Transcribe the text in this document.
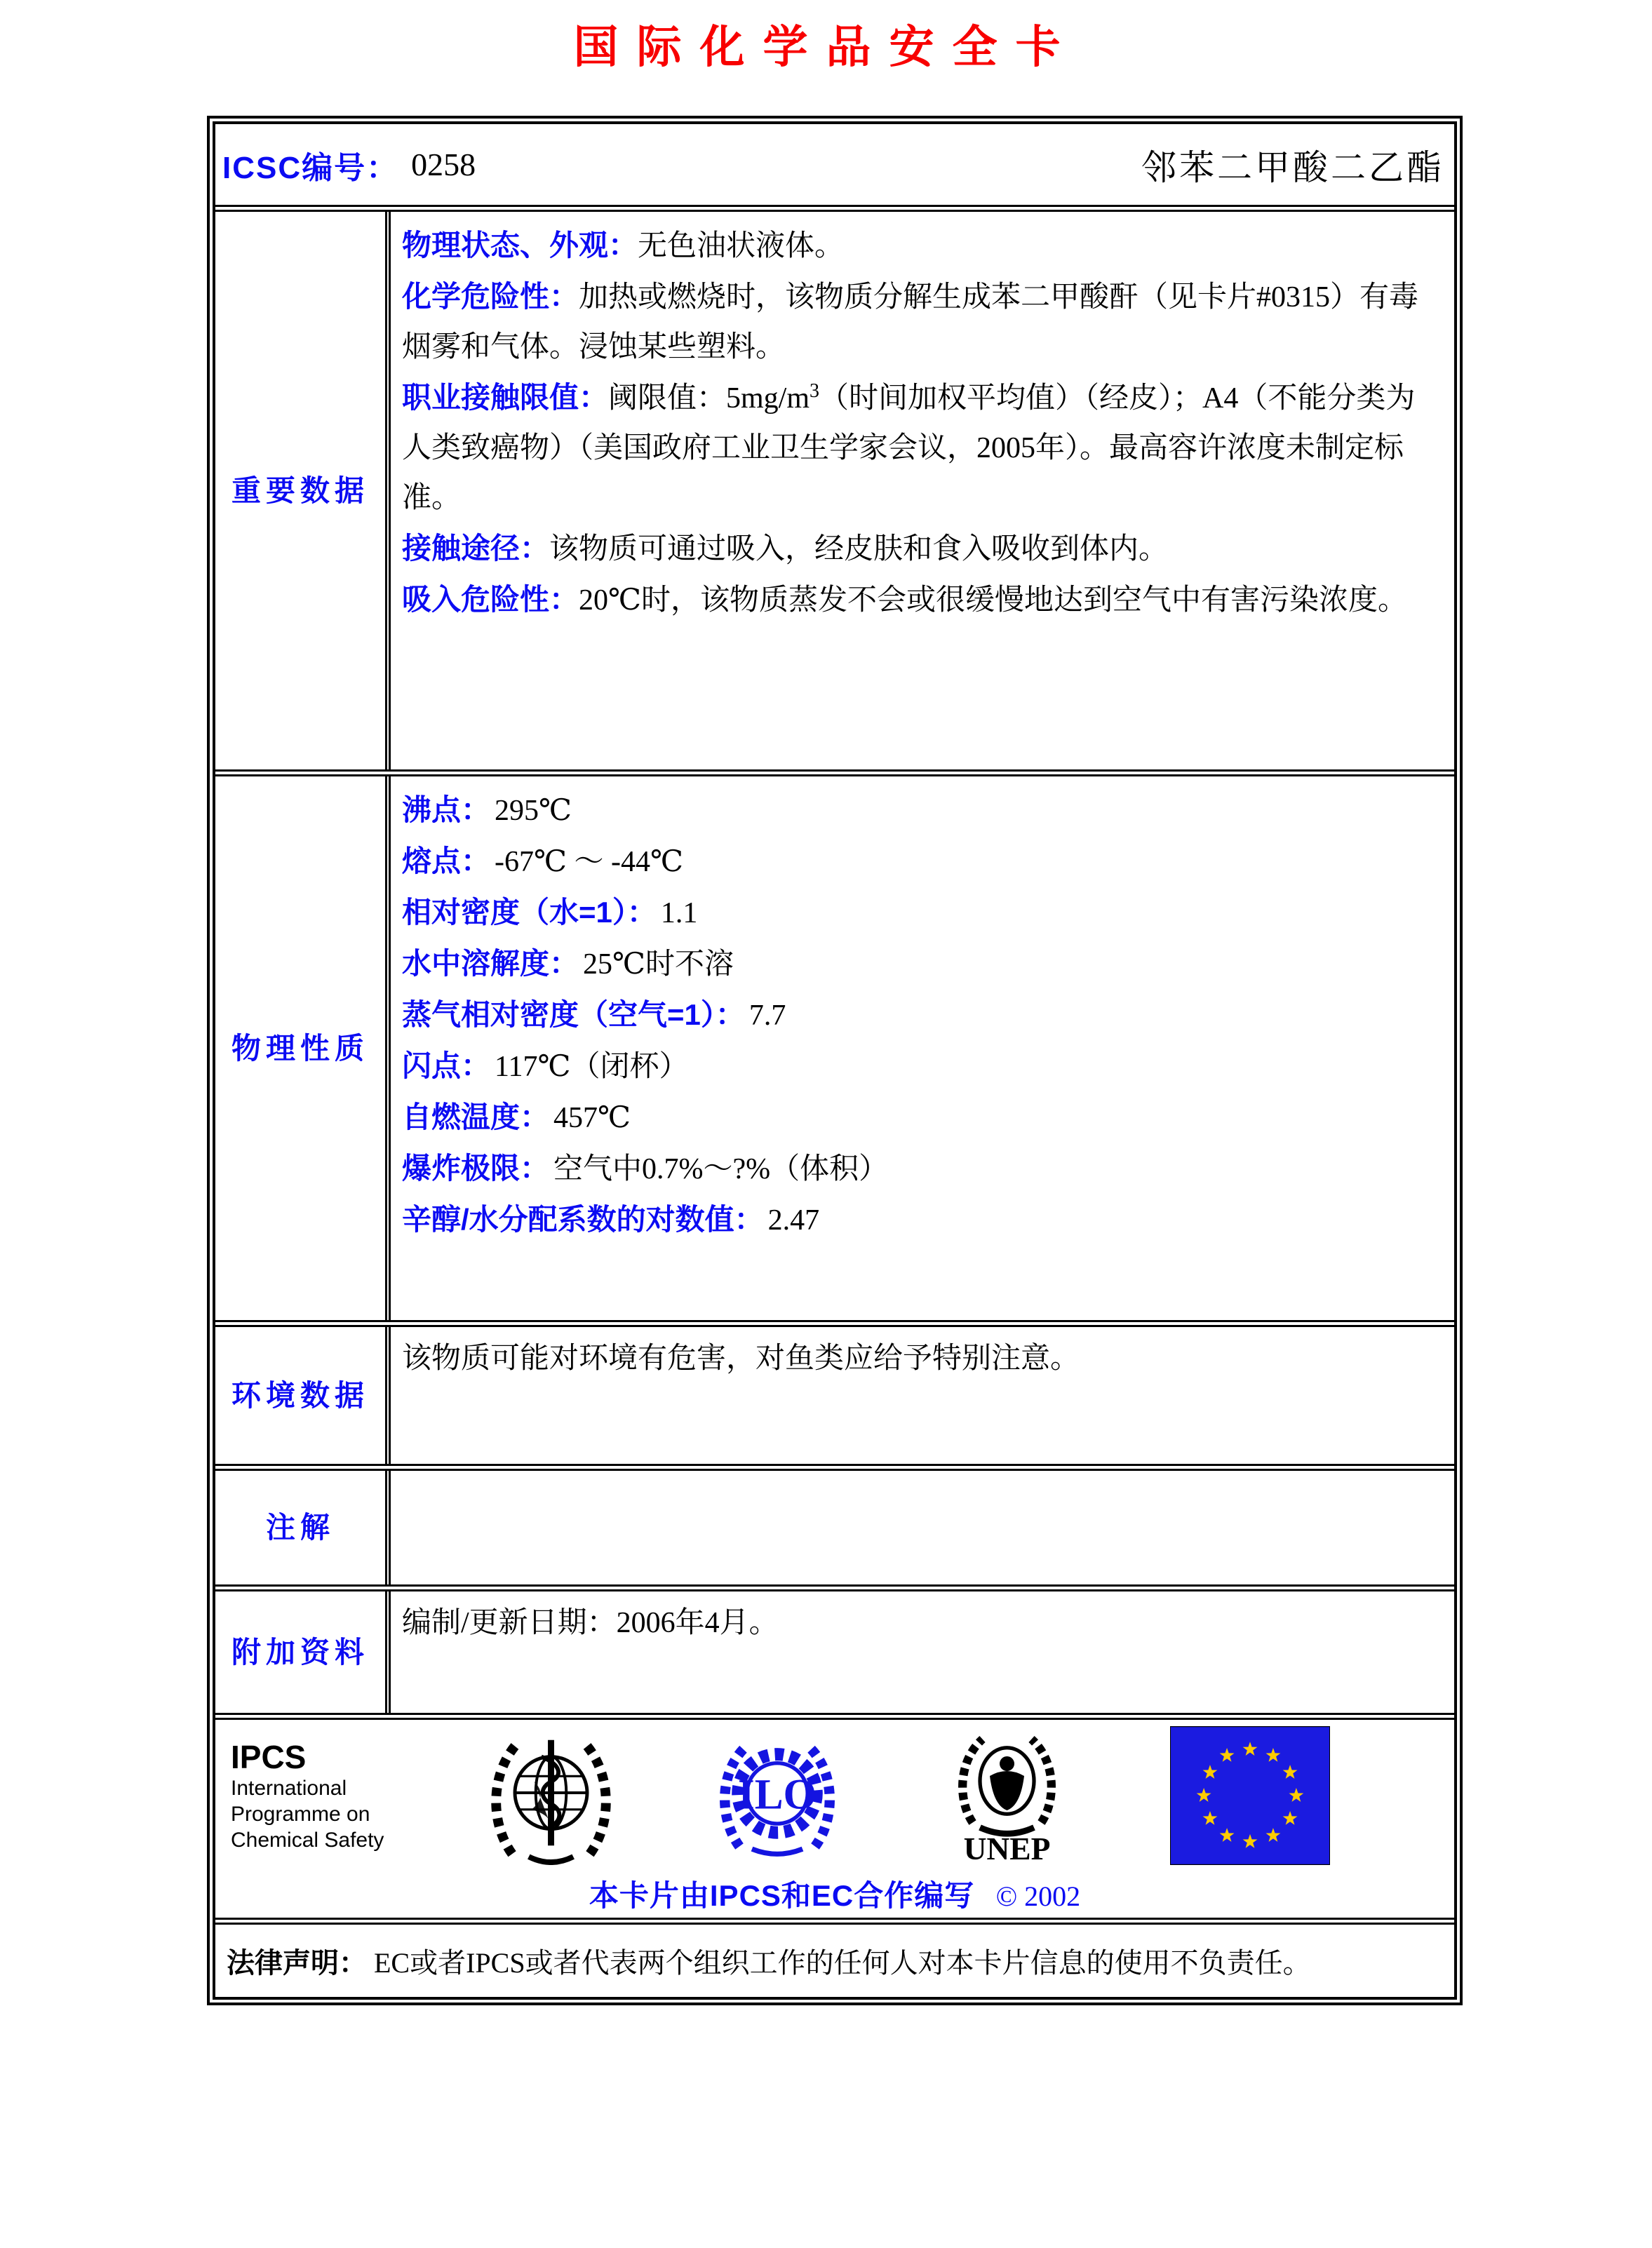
国际化学品安全卡
ICSC编号： 0258	邻苯二甲酸二乙酯
重要数据
物理状态、外观：无色油状液体。
化学危险性：加热或燃烧时，该物质分解生成苯二甲酸酐（见卡片#0315）有毒烟雾和气体。浸蚀某些塑料。
职业接触限值：阈限值：$5mg/m^3$（时间加权平均值）（经皮）；A4（不能分类为人类致癌物）（美国政府工业卫生学家会议，2005年）。最高容许浓度未制定标准。
接触途径：该物质可通过吸入，经皮肤和食入吸收到体内。
吸入危险性：20℃时，该物质蒸发不会或很缓慢地达到空气中有害污染浓度。
物理性质
沸点： 295℃
熔点： -67℃ ～ -44℃
相对密度（水=1）： 1.1
水中溶解度： 25℃时不溶
蒸气相对密度（空气=1）： 7.7
闪点： 117℃（闭杯）
自燃温度： 457℃
爆炸极限： 空气中0.7%～?%（体积）
辛醇/水分配系数的对数值： 2.47
环境数据
该物质可能对环境有危害，对鱼类应给予特别注意。
注解
附加资料
编制/更新日期：2006年4月。
IPCS
International
Programme on
Chemical Safety
ILO
UNEP
本卡片由IPCS和EC合作编写 © 2002
法律声明： EC或者IPCS或者代表两个组织工作的任何人对本卡片信息的使用不负责任。
